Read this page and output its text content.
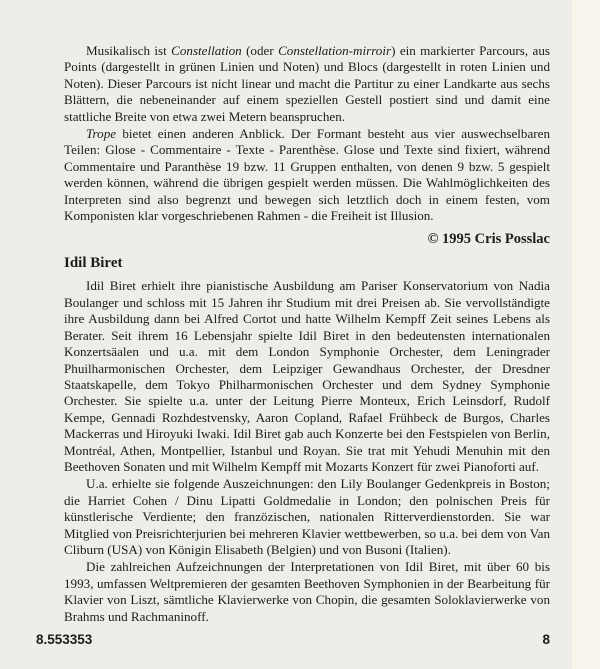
Musikalisch ist Constellation (oder Constellation-mirroir) ein markierter Parcours, aus Points (dargestellt in grünen Linien und Noten) und Blocs (dargestellt in roten Linien und Noten). Dieser Parcours ist nicht linear und macht die Partitur zu einer Landkarte aus sechs Blättern, die nebeneinander auf einem speziellen Gestell postiert sind und damit eine stattliche Breite von etwa zwei Metern beanspruchen.

Trope bietet einen anderen Anblick. Der Formant besteht aus vier auswechselbaren Teilen: Glose - Commentaire - Texte - Parenthèse. Glose und Texte sind fixiert, während Commentaire und Paranthèse 19 bzw. 11 Gruppen enthalten, von denen 9 bzw. 5 gespielt werden können, während die übrigen gespielt werden müssen. Die Wahlmöglichkeiten des Interpreten sind also begrenzt und bewegen sich letztlich doch in einem festen, vom Komponisten klar vorgeschriebenen Rahmen - die Freiheit ist Illusion.

© 1995 Cris Posslac
Idil Biret

Idil Biret erhielt ihre pianistische Ausbildung am Pariser Konservatorium von Nadia Boulanger und schloss mit 15 Jahren ihr Studium mit drei Preisen ab. Sie vervollständigte ihre Ausbildung dann bei Alfred Cortot und hatte Wilhelm Kempff Zeit seines Lebens als Berater. Seit ihrem 16 Lebensjahr spielte Idil Biret in den bedeutensten internationalen Konzertsäalen und u.a. mit dem London Symphonie Orchester, dem Leningrader Phuilharmonischen Orchester, dem Leipziger Gewandhaus Orchester, der Dresdner Staatskapelle, dem Tokyo Philharmonischen Orchester und dem Sydney Symphonie Orchester. Sie spielte u.a. unter der Leitung Pierre Monteux, Erich Leinsdorf, Rudolf Kempe, Gennadi Rozhdestvensky, Aaron Copland, Rafael Frühbeck de Burgos, Charles Mackerras und Hiroyuki Iwaki. Idil Biret gab auch Konzerte bei den Festspielen von Berlin, Montréal, Athen, Montpellier, Istanbul und Royan. Sie trat mit Yehudi Menuhin mit den Beethoven Sonaten und mit Wilhelm Kempff mit Mozarts Konzert für zwei Pianoforti auf.

U.a. erhielte sie folgende Auszeichnungen: den Lily Boulanger Gedenkpreis in Boston; die Harriet Cohen / Dinu Lipatti Goldmedalie in London; den polnischen Preis für künstlerische Verdiente; den franzözischen, nationalen Ritterverdienstorden. Sie war Mitglied von Preisrichterjurien bei mehreren Klavier wettbewerben, so u.a. bei dem von Van Cliburn (USA) von Königin Elisabeth (Belgien) und von Busoni (Italien).

Die zahlreichen Aufzeichnungen der Interpretationen von Idil Biret, mit über 60 bis 1993, umfassen Weltpremieren der gesamten Beethoven Symphonien in der Bearbeitung für Klavier von Liszt, sämtliche Klavierwerke von Chopin, die gesamten Soloklavierwerke von Brahms und Rachmaninoff.

8.553353	8
